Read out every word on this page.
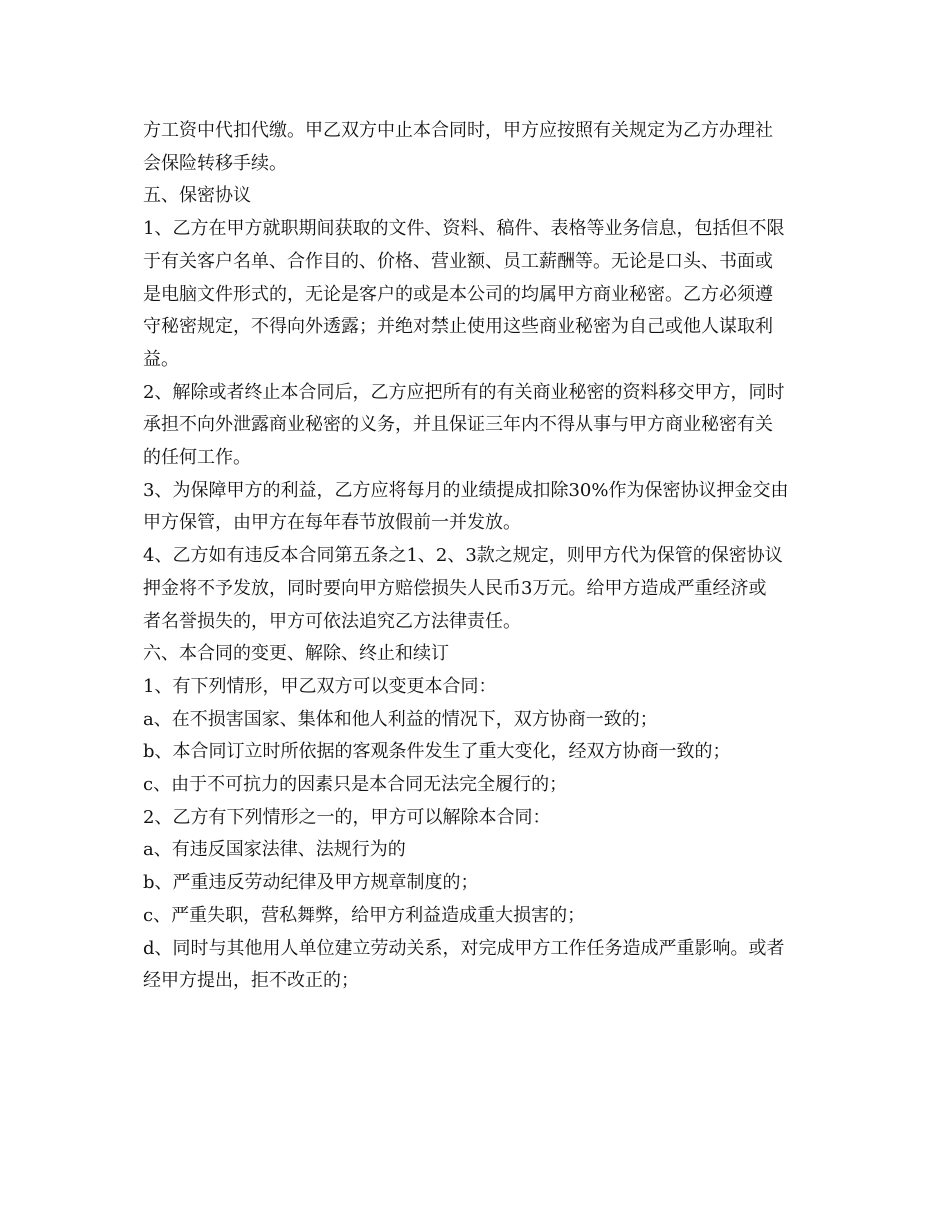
方工资中代扣代缴。甲乙双方中止本合同时，甲方应按照有关规定为乙方办理社
会保险转移手续。

五、保密协议

1、乙方在甲方就职期间获取的文件、资料、稿件、表格等业务信息，包括但不限
于有关客户名单、合作目的、价格、营业额、员工薪酬等。无论是口头、书面或
是电脑文件形式的，无论是客户的或是本公司的均属甲方商业秘密。乙方必须遵
守秘密规定，不得向外透露；并绝对禁止使用这些商业秘密为自己或他人谋取利
益。

2、解除或者终止本合同后，乙方应把所有的有关商业秘密的资料移交甲方，同时
承担不向外泄露商业秘密的义务，并且保证三年内不得从事与甲方商业秘密有关
的任何工作。

3、为保障甲方的利益，乙方应将每月的业绩提成扣除30%作为保密协议押金交由
甲方保管，由甲方在每年春节放假前一并发放。

4、乙方如有违反本合同第五条之1、2、3款之规定，则甲方代为保管的保密协议
押金将不予发放，同时要向甲方赔偿损失人民币3万元。给甲方造成严重经济或
者名誉损失的，甲方可依法追究乙方法律责任。

六、本合同的变更、解除、终止和续订

1、有下列情形，甲乙双方可以变更本合同：

a、在不损害国家、集体和他人利益的情况下，双方协商一致的；

b、本合同订立时所依据的客观条件发生了重大变化，经双方协商一致的；

c、由于不可抗力的因素只是本合同无法完全履行的；

2、乙方有下列情形之一的，甲方可以解除本合同：

a、有违反国家法律、法规行为的

b、严重违反劳动纪律及甲方规章制度的；

c、严重失职，营私舞弊，给甲方利益造成重大损害的；

d、同时与其他用人单位建立劳动关系，对完成甲方工作任务造成严重影响。或者
经甲方提出，拒不改正的；
